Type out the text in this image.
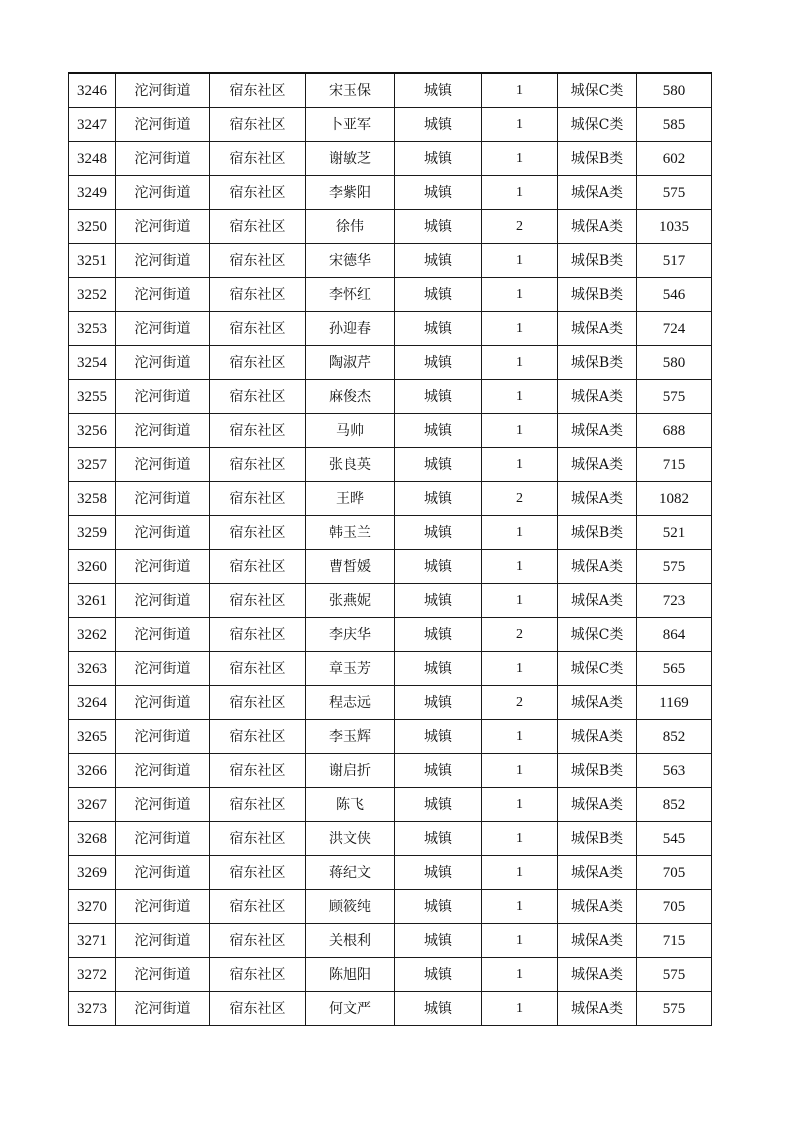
3246	沱河街道	宿东社区	宋玉保	城镇	1	城保C类	580
3247	沱河街道	宿东社区	卜亚军	城镇	1	城保C类	585
3248	沱河街道	宿东社区	谢敏芝	城镇	1	城保B类	602
3249	沱河街道	宿东社区	李紫阳	城镇	1	城保A类	575
3250	沱河街道	宿东社区	徐伟	城镇	2	城保A类	1035
3251	沱河街道	宿东社区	宋德华	城镇	1	城保B类	517
3252	沱河街道	宿东社区	李怀红	城镇	1	城保B类	546
3253	沱河街道	宿东社区	孙迎春	城镇	1	城保A类	724
3254	沱河街道	宿东社区	陶淑芹	城镇	1	城保B类	580
3255	沱河街道	宿东社区	麻俊杰	城镇	1	城保A类	575
3256	沱河街道	宿东社区	马帅	城镇	1	城保A类	688
3257	沱河街道	宿东社区	张良英	城镇	1	城保A类	715
3258	沱河街道	宿东社区	王晔	城镇	2	城保A类	1082
3259	沱河街道	宿东社区	韩玉兰	城镇	1	城保B类	521
3260	沱河街道	宿东社区	曹皙媛	城镇	1	城保A类	575
3261	沱河街道	宿东社区	张燕妮	城镇	1	城保A类	723
3262	沱河街道	宿东社区	李庆华	城镇	2	城保C类	864
3263	沱河街道	宿东社区	章玉芳	城镇	1	城保C类	565
3264	沱河街道	宿东社区	程志远	城镇	2	城保A类	1169
3265	沱河街道	宿东社区	李玉辉	城镇	1	城保A类	852
3266	沱河街道	宿东社区	谢启折	城镇	1	城保B类	563
3267	沱河街道	宿东社区	陈飞	城镇	1	城保A类	852
3268	沱河街道	宿东社区	洪文侠	城镇	1	城保B类	545
3269	沱河街道	宿东社区	蒋纪文	城镇	1	城保A类	705
3270	沱河街道	宿东社区	顾筱纯	城镇	1	城保A类	705
3271	沱河街道	宿东社区	关根利	城镇	1	城保A类	715
3272	沱河街道	宿东社区	陈旭阳	城镇	1	城保A类	575
3273	沱河街道	宿东社区	何文严	城镇	1	城保A类	575
